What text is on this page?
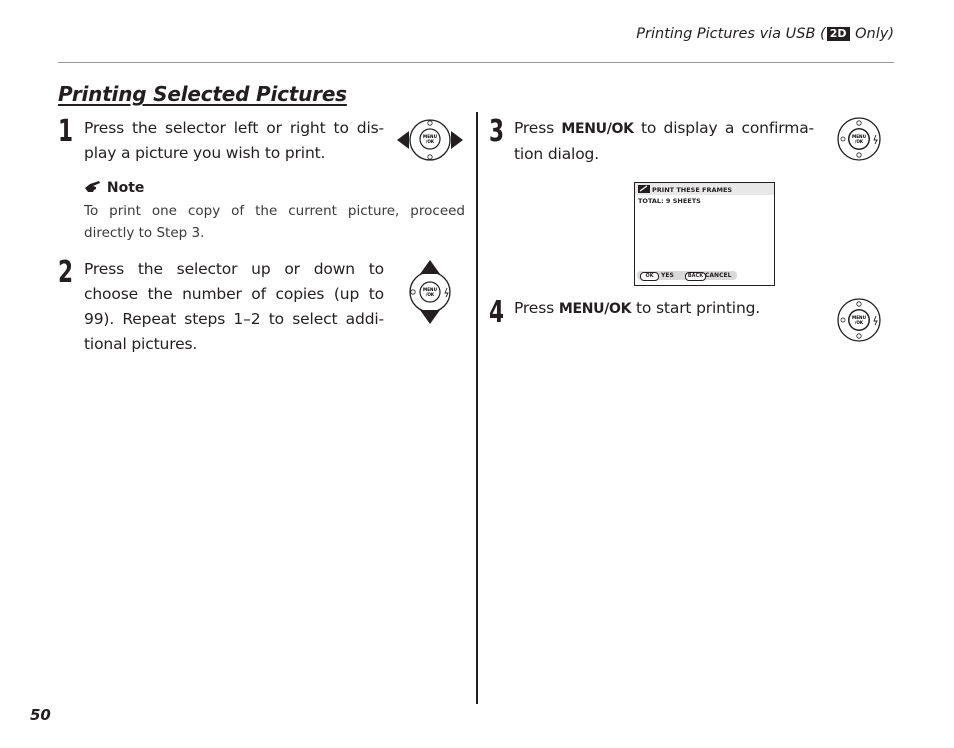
Printing Pictures via USB ( 2D Only)
Printing Selected Pictures
1 Press the selector left or right to dis-
play a picture you wish to print.
MENU
/OK
Note
To print one copy of the current picture, proceed
directly to Step 3.
2 Press the selector up or down to
choose the number of copies (up to
99). Repeat steps 1–2 to select addi-
tional pictures.
MENU
/OK
3 Press MENU/OK to display a confirma-
tion dialog.
MENU
/OK
PRINT THESE FRAMES
TOTAL: 9 SHEETS
OK	YES	BACK CANCEL
4 Press MENU/OK to start printing.
MENU
/OK
50
